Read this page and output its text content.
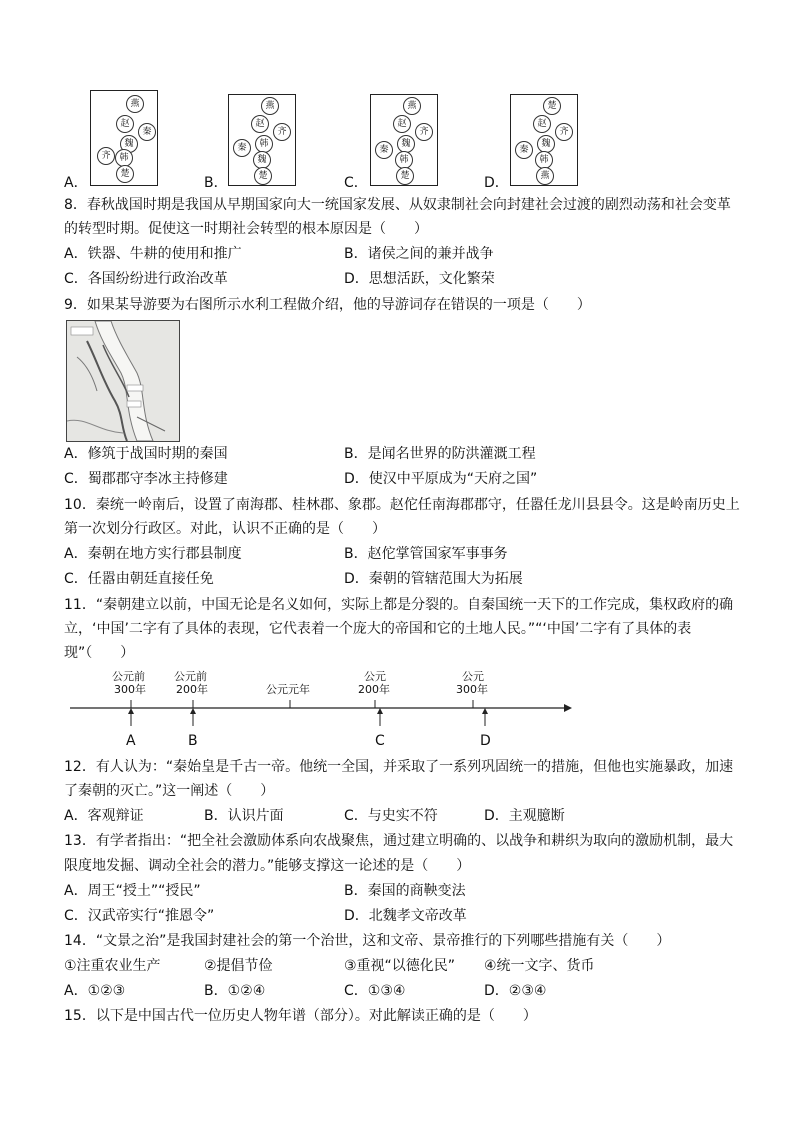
燕
赵
秦
魏
齐 韩
楚
A．
燕
赵
齐
韩
秦
魏
楚
B．
燕
赵
齐
魏
秦
韩
楚
C．
楚
赵
齐
魏
秦
韩
燕
D．
8．春秋战国时期是我国从早期国家向大一统国家发展、从奴隶制社会向封建社会过渡的剧烈动荡和社会变革
的转型时期。促使这一时期社会转型的根本原因是（　　）
A．铁器、牛耕的使用和推广	B．诸侯之间的兼并战争
C．各国纷纷进行政治改革	D．思想活跃，文化繁荣
9．如果某导游要为右图所示水利工程做介绍，他的导游词存在错误的一项是（　　）
A．修筑于战国时期的秦国	B．是闻名世界的防洪灌溉工程
C．蜀郡郡守李冰主持修建	D．使汉中平原成为“天府之国”
10．秦统一岭南后，设置了南海郡、桂林郡、象郡。赵佗任南海郡郡守，任嚣任龙川县县令。这是岭南历史上
第一次划分行政区。对此，认识不正确的是（　　）
A．秦朝在地方实行郡县制度	B．赵佗掌管国家军事事务
C．任嚣由朝廷直接任免	D．秦朝的管辖范围大为拓展
11．“秦朝建立以前，中国无论是名义如何，实际上都是分裂的。自秦国统一天下的工作完成，集权政府的确
立，‘中国’二字有了具体的表现，它代表着一个庞大的帝国和它的土地人民。”“‘中国’二字有了具体的表
现”（　　）
公元前
300年
公元前
200年	公元元年
公元
200年
公元
300年
A	B	C	D
12．有人认为：“秦始皇是千古一帝。他统一全国，并采取了一系列巩固统一的措施，但他也实施暴政，加速
了秦朝的灭亡。”这一阐述（　　）
A．客观辩证	B．认识片面	C．与史实不符	D．主观臆断
13．有学者指出：“把全社会激励体系向农战聚焦，通过建立明确的、以战争和耕织为取向的激励机制，最大
限度地发掘、调动全社会的潜力。”能够支撑这一论述的是（　　）
A．周王“授土”“授民”	B．秦国的商鞅变法
C．汉武帝实行“推恩令”	D．北魏孝文帝改革
14．“文景之治”是我国封建社会的第一个治世，这和文帝、景帝推行的下列哪些措施有关（　　）
①注重农业生产	②提倡节俭	③重视“以德化民” ④统一文字、货币
A．①②③	B．①②④	C．①③④	D．②③④
15．以下是中国古代一位历史人物年谱（部分）。对此解读正确的是（　　）
